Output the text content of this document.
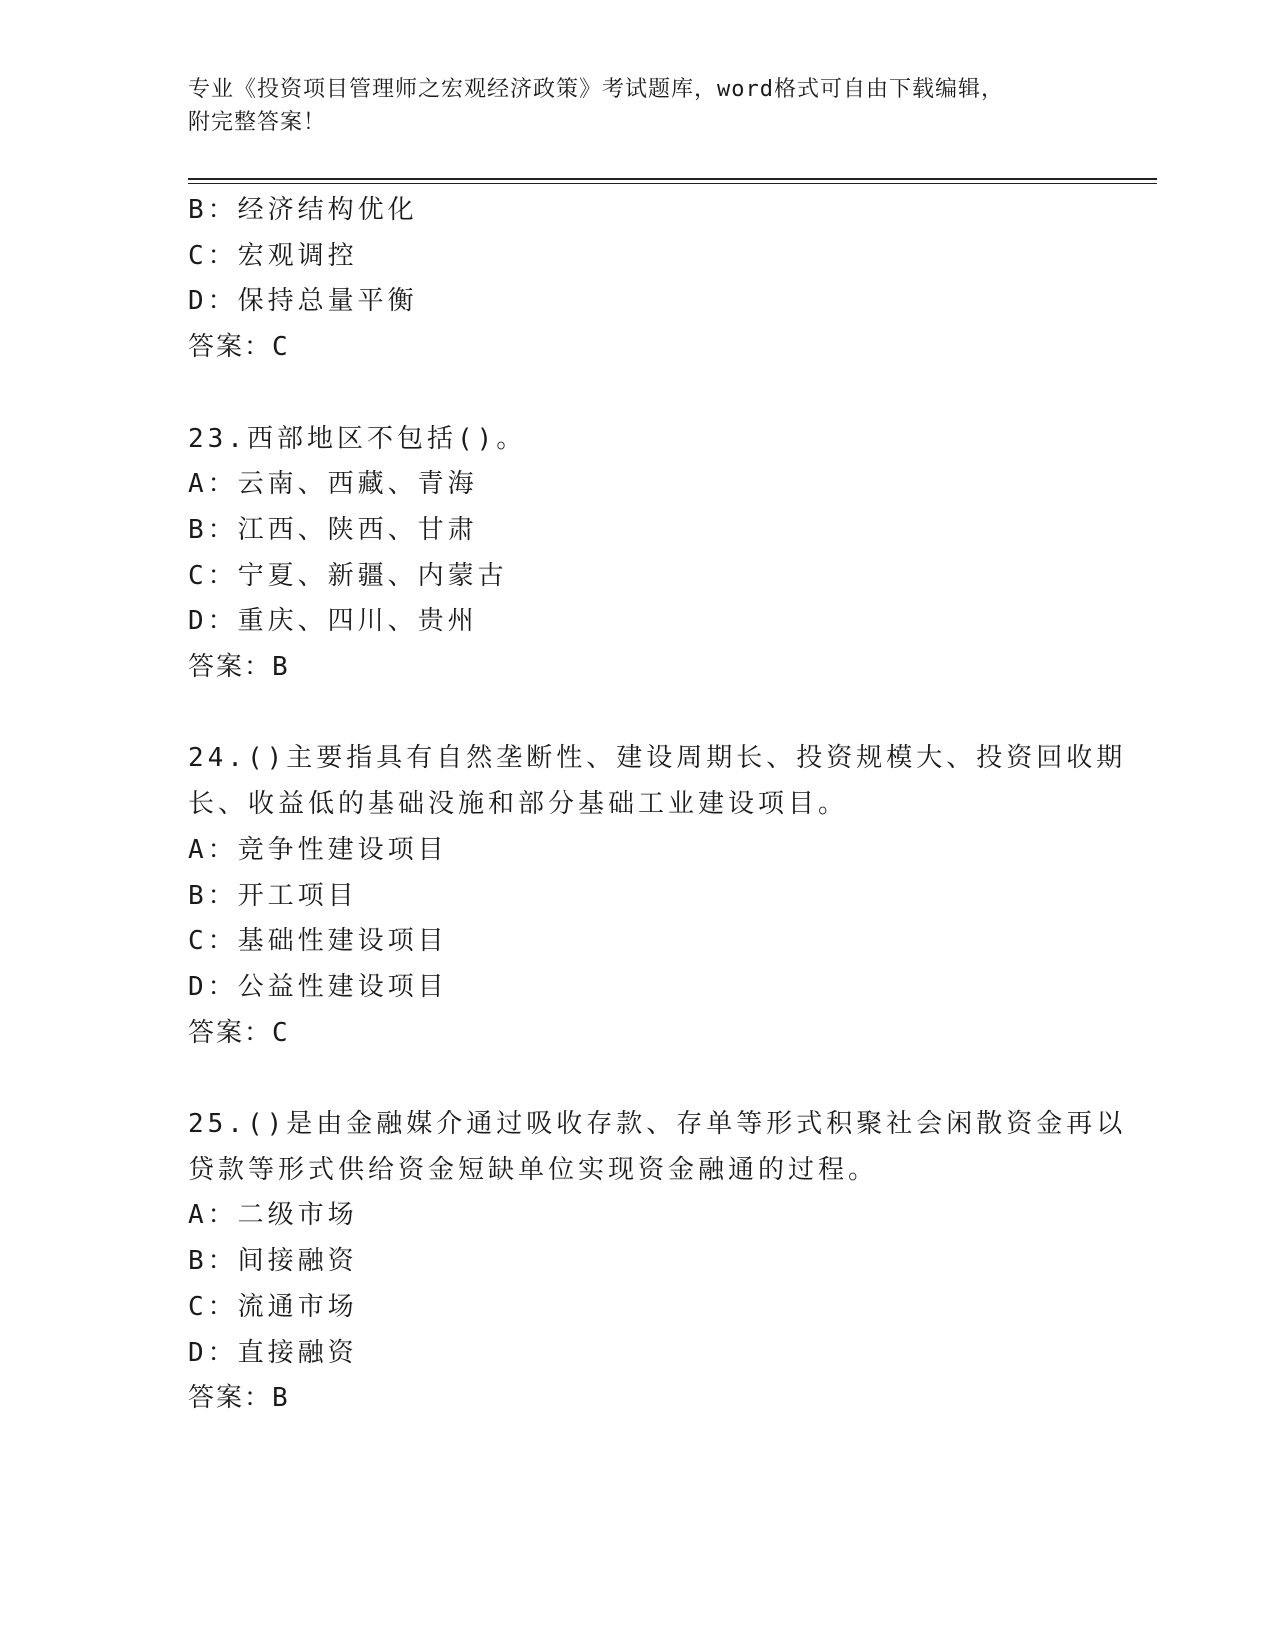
专业《投资项目管理师之宏观经济政策》考试题库，word格式可自由下载编辑，
附完整答案！
B：经济结构优化
C：宏观调控
D：保持总量平衡
答案：C
23.西部地区不包括()。
A：云南、西藏、青海
B：江西、陕西、甘肃
C：宁夏、新疆、内蒙古
D：重庆、四川、贵州
答案：B
24.()主要指具有自然垄断性、建设周期长、投资规模大、投资回收期
长、收益低的基础没施和部分基础工业建设项目。
A：竞争性建设项目
B：开工项目
C：基础性建设项目
D：公益性建设项目
答案：C
25.()是由金融媒介通过吸收存款、存单等形式积聚社会闲散资金再以
贷款等形式供给资金短缺单位实现资金融通的过程。
A：二级市场
B：间接融资
C：流通市场
D：直接融资
答案：B
